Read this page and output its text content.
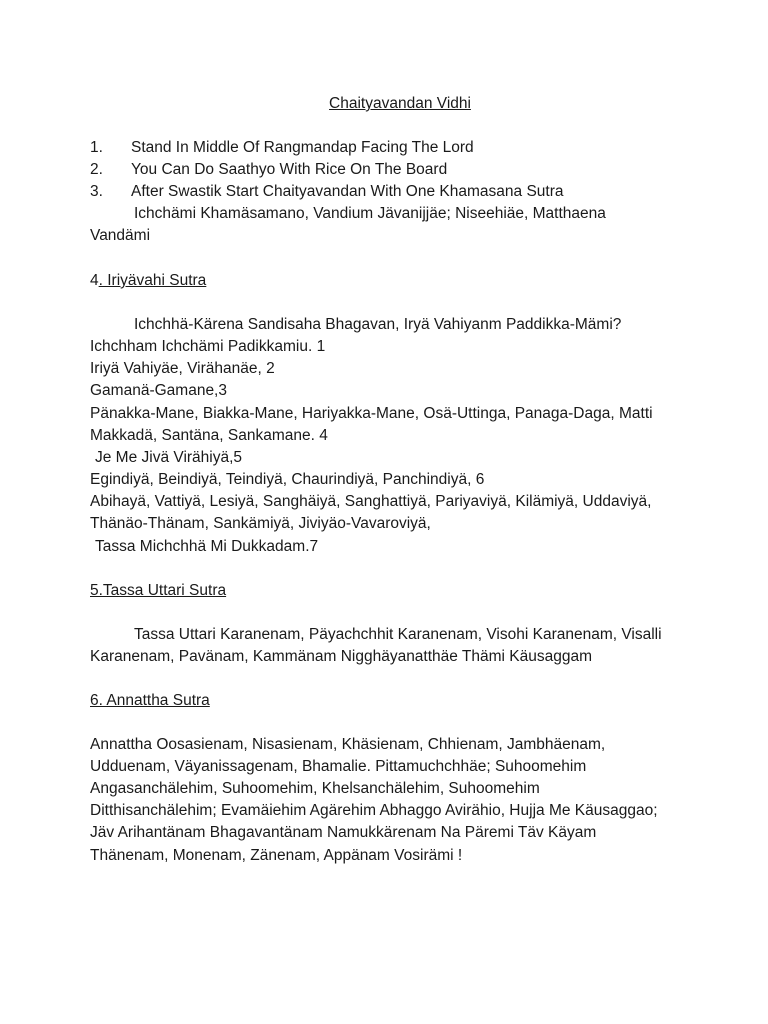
Chaityavandan Vidhi
1. Stand In Middle Of Rangmandap Facing The Lord
2. You Can Do Saathyo With Rice On The Board
3. After Swastik Start Chaityavandan With One Khamasana Sutra
Ichchämi Khamäsamano, Vandium Jävanijjäe; Niseehiäe, Matthaena
Vandämi
4. Iriyävahi Sutra
Ichchhä-Kärena Sandisaha Bhagavan, Iryä Vahiyanm Paddikka-Mämi?
Ichchham Ichchämi Padikkamiu. 1
Iriyä Vahiyäe, Virähanäe, 2
Gamanä-Gamane,3
Pänakka-Mane, Biakka-Mane, Hariyakka-Mane, Osä-Uttinga, Panaga-Daga, Matti
Makkadä, Santäna, Sankamane. 4
Je Me Jivä Virähiyä,5
Egindiyä, Beindiyä, Teindiyä, Chaurindiyä, Panchindiyä, 6
Abihayä, Vattiyä, Lesiyä, Sanghäiyä, Sanghattiyä, Pariyaviyä, Kilämiyä, Uddaviyä,
Thänäo-Thänam, Sankämiyä, Jiviyäo-Vavaroviyä,
Tassa Michchhä Mi Dukkadam.7
5.Tassa Uttari Sutra
Tassa Uttari Karanenam, Päyachchhit Karanenam, Visohi Karanenam, Visalli
Karanenam, Pavänam, Kammänam Nigghäyanatthäe Thämi Käusaggam
6. Annattha Sutra
Annattha Oosasienam, Nisasienam, Khäsienam, Chhienam, Jambhäenam,
Udduenam, Väyanissagenam, Bhamalie. Pittamuchchhäe; Suhoomehim
Angasanchälehim, Suhoomehim, Khelsanchälehim, Suhoomehim
Ditthisanchälehim; Evamäiehim Agärehim Abhaggo Avirähio, Hujja Me Käusaggao;
Jäv Arihantänam Bhagavantänam Namukkärenam Na Päremi Täv Käyam
Thänenam, Monenam, Zänenam, Appänam Vosirämi !
